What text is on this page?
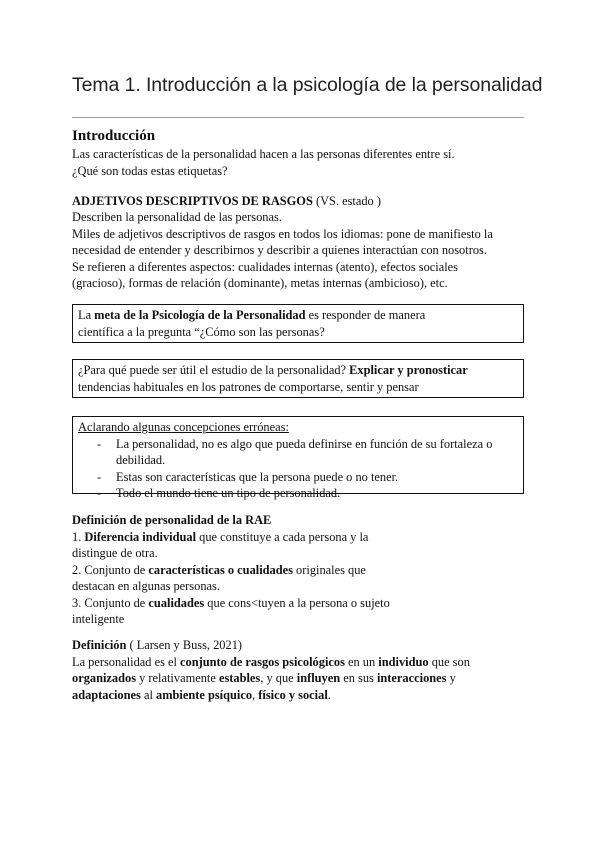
Tema 1. Introducción a la psicología de la personalidad
Introducción

Las características de la personalidad hacen a las personas diferentes entre sí.

¿Qué son todas estas etiquetas?

ADJETIVOS DESCRIPTIVOS DE RASGOS (VS. estado )

Describen la personalidad de las personas.

Miles de adjetivos descriptivos de rasgos en todos los idiomas: pone de manifiesto la

necesidad de entender y describirnos y describir a quienes interactúan con nosotros.

Se refieren a diferentes aspectos: cualidades internas (atento), efectos sociales

(gracioso), formas de relación (dominante), metas internas (ambicioso), etc.

La meta de la Psicología de la Personalidad es responder de manera

científica a la pregunta “¿Cómo son las personas?

¿Para qué puede ser útil el estudio de la personalidad? Explicar y pronosticar

tendencias habituales en los patrones de comportarse, sentir y pensar

Aclarando algunas concepciones erróneas:

- La personalidad, no es algo que pueda definirse en función de su fortaleza o
debilidad.
- Estas son características que la persona puede o no tener.
- Todo el mundo tiene un tipo de personalidad.

Definición de personalidad de la RAE

1. Diferencia individual que constituye a cada persona y la

distingue de otra.

2. Conjunto de características o cualidades originales que

destacan en algunas personas.

3. Conjunto de cualidades que cons<tuyen a la persona o sujeto

inteligente

Definición ( Larsen y Buss, 2021)

La personalidad es el conjunto de rasgos psicológicos en un individuo que son

organizados y relativamente estables, y que influyen en sus interacciones y

adaptaciones al ambiente psíquico, físico y social.
